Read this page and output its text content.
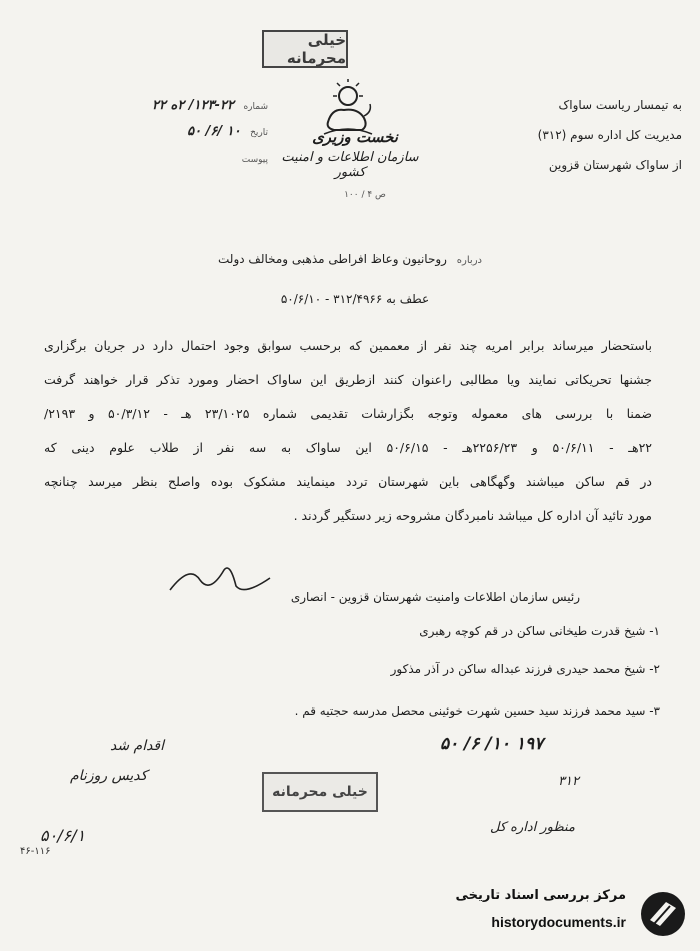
خیلی محرمانه
نخست وزیری
سازمان اطلاعات و امنیت کشور
ص ۴ / ۱۰۰
به تیمسار ریاست ساواک
مدیریت کل اداره سوم (۳۱۲)
از ساواک شهرستان قزوین
شماره ۲۲-۱۲۳/ ۲ه ۲۲
تاریخ ۱۰ /۶/ ۵۰
پیوست
درباره روحانیون وعاظ افراطی مذهبی ومخالف دولت
عطف به ۳۱۲/۴۹۶۶ - ۵۰/۶/۱۰
باستحضار میرساند برابر امریه چند نفر از معممین که برحسب سوابق وجود احتمال دارد در جریان برگزاری
جشنها تحریکاتی نمایند ویا مطالبی راعنوان کنند ازطریق این ساواک احضار ومورد تذکر قرار خواهند گرفت
ضمنا با بررسی های معموله وتوجه بگزارشات تقدیمی شماره ۲۳/۱۰۲۵ هـ - ۵۰/۳/۱۲ و ۲۱۹۳/
۲۲هـ - ۵۰/۶/۱۱ و ۲۲۵۶/۲۳هـ - ۵۰/۶/۱۵ این ساواک به سه نفر از طلاب علوم دینی که
در قم ساکن میباشند وگهگاهی باین شهرستان تردد مینمایند مشکوک بوده واصلح بنظر میرسد چنانچه
مورد تائید آن اداره کل میباشد نامبردگان مشروحه زیر دستگیر گردند .
رئیس سازمان اطلاعات وامنیت شهرستان قزوین - انصاری
۱- شیخ قدرت طیخانی ساکن در قم کوچه رهبری
۲- شیخ محمد حیدری فرزند عبداله ساکن در آذر مذکور
۳- سید محمد فرزند سید حسین شهرت خوئینی محصل مدرسه حجتیه قم .
۱۹۷ ۱۰/ ۶/ ۵۰
خیلی محرمانه
اقدام شد
کدیس روزنام
۵۰/۶/۱
۳۱۲
منظور اداره کل
۴۶-۱۱۶
مرکز بررسی اسناد تاریخی
historydocuments.ir
